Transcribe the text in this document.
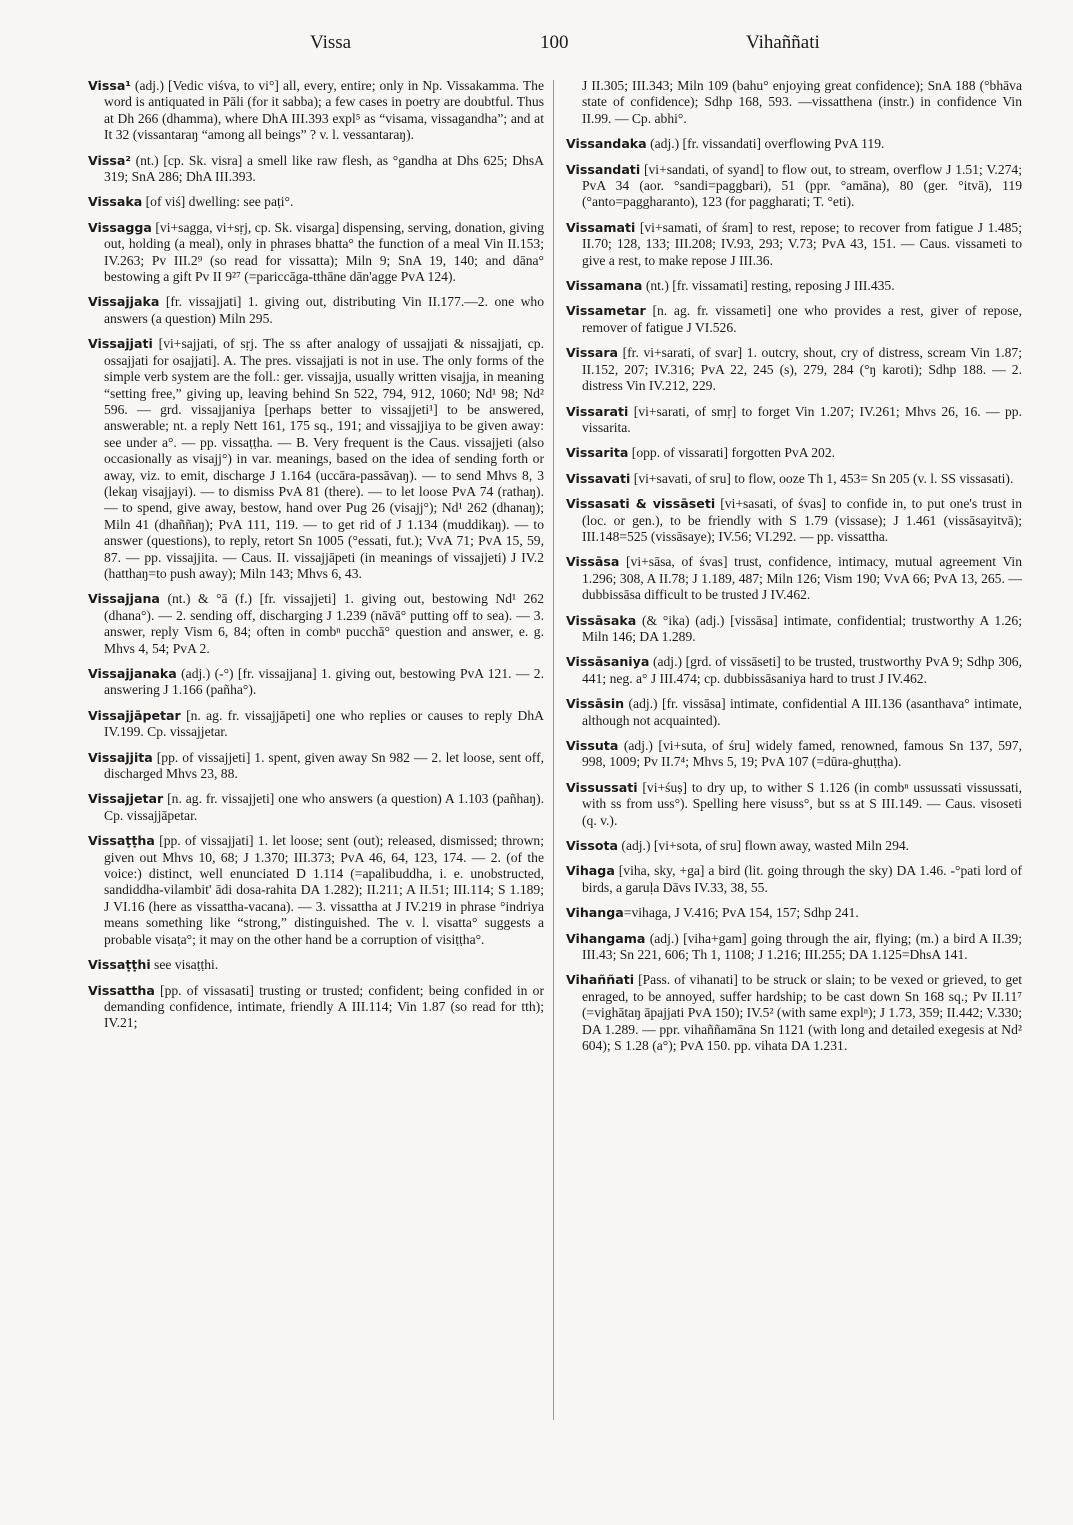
Vissa	100	Vihaññati

Vissa¹ (adj.) [Vedic viśva, to vi°] all, every, entire; only in Np. Vissakamma. The word is antiquated in Pāli (for it sabba); a few cases in poetry are doubtful. Thus at Dh 266 (dhamma), where DhA III.393 expl⁵ as “visama, vissagandha”; and at It 32 (vissantaraŋ “among all beings” ? v. l. vessantaraŋ).

Vissa² (nt.) [cp. Sk. visra] a smell like raw flesh, as °gandha at Dhs 625; DhsA 319; SnA 286; DhA III.393.

Vissaka [of viś] dwelling: see paṭi°.

Vissagga [vi+sagga, vi+sṛj, cp. Sk. visarga] dispensing, serving, donation, giving out, holding (a meal), only in phrases bhatta° the function of a meal Vin II.153; IV.263; Pv III.2⁹ (so read for vissatta); Miln 9; SnA 19, 140; and dāna° bestowing a gift Pv II 9²⁷ (=pariccāga-tthāne dān'agge PvA 124).

Vissajjaka [fr. vissajjati] 1. giving out, distributing Vin II.177.—2. one who answers (a question) Miln 295.

Vissajjati [vi+sajjati, of sṛj. The ss after analogy of ussajjati & nissajjati, cp. ossajjati for osajjati]. A. The pres. vissajjati is not in use. The only forms of the simple verb system are the foll.: ger. vissajja, usually written visajja, in meaning “setting free,” giving up, leaving behind Sn 522, 794, 912, 1060; Nd¹ 98; Nd² 596. — grd. vissajjaniya [perhaps better to vissajjeti¹] to be answered, answerable; nt. a reply Nett 161, 175 sq., 191; and vissajjiya to be given away: see under a°. — pp. vissaṭṭha. — B. Very frequent is the Caus. vissajjeti (also occasionally as visajj°) in var. meanings, based on the idea of sending forth or away, viz. to emit, discharge J 1.164 (uccāra-passāvaŋ). — to send Mhvs 8, 3 (lekaŋ visajjayi). — to dismiss PvA 81 (there). — to let loose PvA 74 (rathaŋ). — to spend, give away, bestow, hand over Pug 26 (visajj°); Nd¹ 262 (dhanaŋ); Miln 41 (dhaññaŋ); PvA 111, 119. — to get rid of J 1.134 (muddikaŋ). — to answer (questions), to reply, retort Sn 1005 (°essati, fut.); VvA 71; PvA 15, 59, 87. — pp. vissajjita. — Caus. II. vissajjāpeti (in meanings of vissajjeti) J IV.2 (hatthaŋ=to push away); Miln 143; Mhvs 6, 43.

Vissajjana (nt.) & °ā (f.) [fr. vissajjeti] 1. giving out, bestowing Nd¹ 262 (dhana°). — 2. sending off, discharging J 1.239 (nāvā° putting off to sea). — 3. answer, reply Vism 6, 84; often in combⁿ pucchā° question and answer, e. g. Mhvs 4, 54; PvA 2.

Vissajjanaka (adj.) (-°) [fr. vissajjana] 1. giving out, bestowing PvA 121. — 2. answering J 1.166 (pañha°).

Vissajjāpetar [n. ag. fr. vissajjāpeti] one who replies or causes to reply DhA IV.199. Cp. vissajjetar.

Vissajjita [pp. of vissajjeti] 1. spent, given away Sn 982 — 2. let loose, sent off, discharged Mhvs 23, 88.

Vissajjetar [n. ag. fr. vissajjeti] one who answers (a question) A 1.103 (pañhaŋ). Cp. vissajjāpetar.

Vissaṭṭha [pp. of vissajjati] 1. let loose; sent (out); released, dismissed; thrown; given out Mhvs 10, 68; J 1.370; III.373; PvA 46, 64, 123, 174. — 2. (of the voice:) distinct, well enunciated D 1.114 (=apalibuddha, i. e. unobstructed, sandiddha-vilambit' ādi dosa-rahita DA 1.282); II.211; A II.51; III.114; S 1.189; J VI.16 (here as vissattha-vacana). — 3. vissattha at J IV.219 in phrase °indriya means something like “strong,” distinguished. The v. l. visatta° suggests a probable visaṭa°; it may on the other hand be a corruption of visiṭṭha°.

Vissaṭṭhi see visaṭṭhi.

Vissattha [pp. of vissasati] trusting or trusted; confident; being confided in or demanding confidence, intimate, friendly A III.114; Vin 1.87 (so read for tth); IV.21;

J II.305; III.343; Miln 109 (bahu° enjoying great confidence); SnA 188 (°bhāva state of confidence); Sdhp 168, 593. —vissatthena (instr.) in confidence Vin II.99. — Cp. abhi°.

Vissandaka (adj.) [fr. vissandati] overflowing PvA 119.

Vissandati [vi+sandati, of syand] to flow out, to stream, overflow J 1.51; V.274; PvA 34 (aor. °sandi=paggbari), 51 (ppr. °amāna), 80 (ger. °itvā), 119 (°anto=paggharanto), 123 (for paggharati; T. °eti).

Vissamati [vi+samati, of śram] to rest, repose; to recover from fatigue J 1.485; II.70; 128, 133; III.208; IV.93, 293; V.73; PvA 43, 151. — Caus. vissameti to give a rest, to make repose J III.36.

Vissamana (nt.) [fr. vissamati] resting, reposing J III.435.

Vissametar [n. ag. fr. vissameti] one who provides a rest, giver of repose, remover of fatigue J VI.526.

Vissara [fr. vi+sarati, of svar] 1. outcry, shout, cry of distress, scream Vin 1.87; II.152, 207; IV.316; PvA 22, 245 (s), 279, 284 (°ŋ karoti); Sdhp 188. — 2. distress Vin IV.212, 229.

Vissarati [vi+sarati, of smṛ] to forget Vin 1.207; IV.261; Mhvs 26, 16. — pp. vissarita.

Vissarita [opp. of vissarati] forgotten PvA 202.

Vissavati [vi+savati, of sru] to flow, ooze Th 1, 453= Sn 205 (v. l. SS vissasati).

Vissasati & vissāseti [vi+sasati, of śvas] to confide in, to put one's trust in (loc. or gen.), to be friendly with S 1.79 (vissase); J 1.461 (vissāsayitvā); III.148=525 (vissāsaye); IV.56; VI.292. — pp. vissattha.

Vissāsa [vi+sāsa, of śvas] trust, confidence, intimacy, mutual agreement Vin 1.296; 308, A II.78; J 1.189, 487; Miln 126; Vism 190; VvA 66; PvA 13, 265. —dubbissāsa difficult to be trusted J IV.462.

Vissāsaka (& °ika) (adj.) [vissāsa] intimate, confidential; trustworthy A 1.26; Miln 146; DA 1.289.

Vissāsaniya (adj.) [grd. of vissāseti] to be trusted, trustworthy PvA 9; Sdhp 306, 441; neg. a° J III.474; cp. dubbissāsaniya hard to trust J IV.462.

Vissāsin (adj.) [fr. vissāsa] intimate, confidential A III.136 (asanthava° intimate, although not acquainted).

Vissuta (adj.) [vi+suta, of śru] widely famed, renowned, famous Sn 137, 597, 998, 1009; Pv II.7⁴; Mhvs 5, 19; PvA 107 (=dūra-ghuṭṭha).

Vissussati [vi+śuṣ] to dry up, to wither S 1.126 (in combⁿ ussussati vissussati, with ss from uss°). Spelling here visuss°, but ss at S III.149. — Caus. visoseti (q. v.).

Vissota (adj.) [vi+sota, of sru] flown away, wasted Miln 294.

Vihaga [viha, sky, +ga] a bird (lit. going through the sky) DA 1.46. -°pati lord of birds, a garuḷa Dāvs IV.33, 38, 55.

Vihanga=vihaga, J V.416; PvA 154, 157; Sdhp 241.

Vihangama (adj.) [viha+gam] going through the air, flying; (m.) a bird A II.39; III.43; Sn 221, 606; Th 1, 1108; J 1.216; III.255; DA 1.125=DhsA 141.

Vihaññati [Pass. of vihanati] to be struck or slain; to be vexed or grieved, to get enraged, to be annoyed, suffer hardship; to be cast down Sn 168 sq.; Pv II.11⁷ (=vighātaŋ āpajjati PvA 150); IV.5² (with same explⁿ); J 1.73, 359; II.442; V.330; DA 1.289. — ppr. vihaññamāna Sn 1121 (with long and detailed exegesis at Nd² 604); S 1.28 (a°); PvA 150. pp. vihata DA 1.231.
